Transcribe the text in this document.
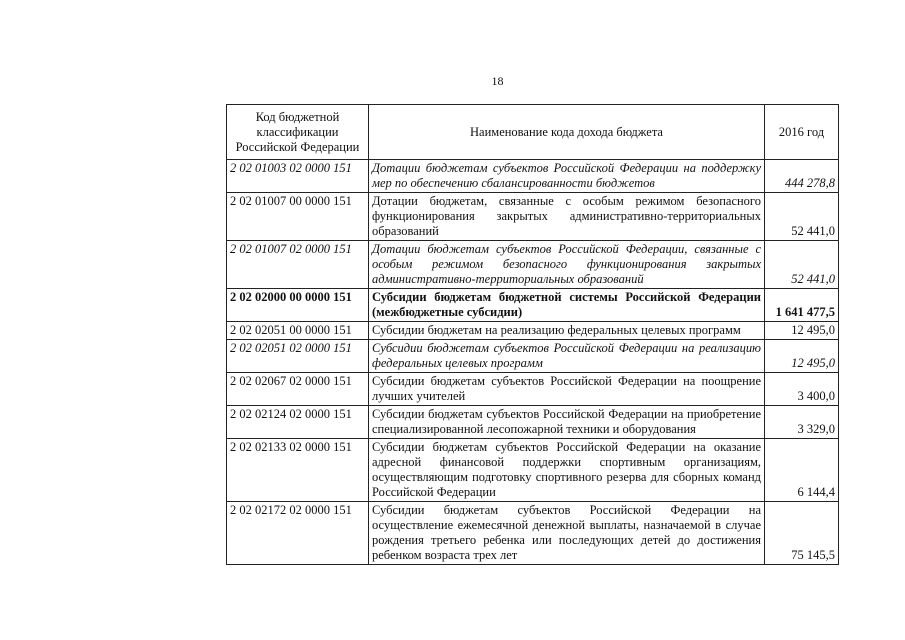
18
Код бюджетной классификации Российской Федерации	Наименование кода дохода бюджета	2016 год
2 02 01003 02 0000 151	Дотации бюджетам субъектов Российской Федерации на поддержку мер по обеспечению сбалансированности бюджетов	444 278,8
2 02 01007 00 0000 151	Дотации бюджетам, связанные с особым режимом безопасного функционирования закрытых административно-территориальных образований	52 441,0
2 02 01007 02 0000 151	Дотации бюджетам субъектов Российской Федерации, связанные с особым режимом безопасного функционирования закрытых административно-территориальных образований	52 441,0
2 02 02000 00 0000 151	Субсидии бюджетам бюджетной системы Российской Федерации (межбюджетные субсидии)	1 641 477,5
2 02 02051 00 0000 151	Субсидии бюджетам на реализацию федеральных целевых программ	12 495,0
2 02 02051 02 0000 151	Субсидии бюджетам субъектов Российской Федерации на реализацию федеральных целевых программ	12 495,0
2 02 02067 02 0000 151	Субсидии бюджетам субъектов Российской Федерации на поощрение лучших учителей	3 400,0
2 02 02124 02 0000 151	Субсидии бюджетам субъектов Российской Федерации на приобретение специализированной лесопожарной техники и оборудования	3 329,0
2 02 02133 02 0000 151	Субсидии бюджетам субъектов Российской Федерации на оказание адресной финансовой поддержки спортивным организациям, осуществляющим подготовку спортивного резерва для сборных команд Российской Федерации	6 144,4
2 02 02172 02 0000 151	Субсидии бюджетам субъектов Российской Федерации на осуществление ежемесячной денежной выплаты, назначаемой в случае рождения третьего ребенка или последующих детей до достижения ребенком возраста трех лет	75 145,5
